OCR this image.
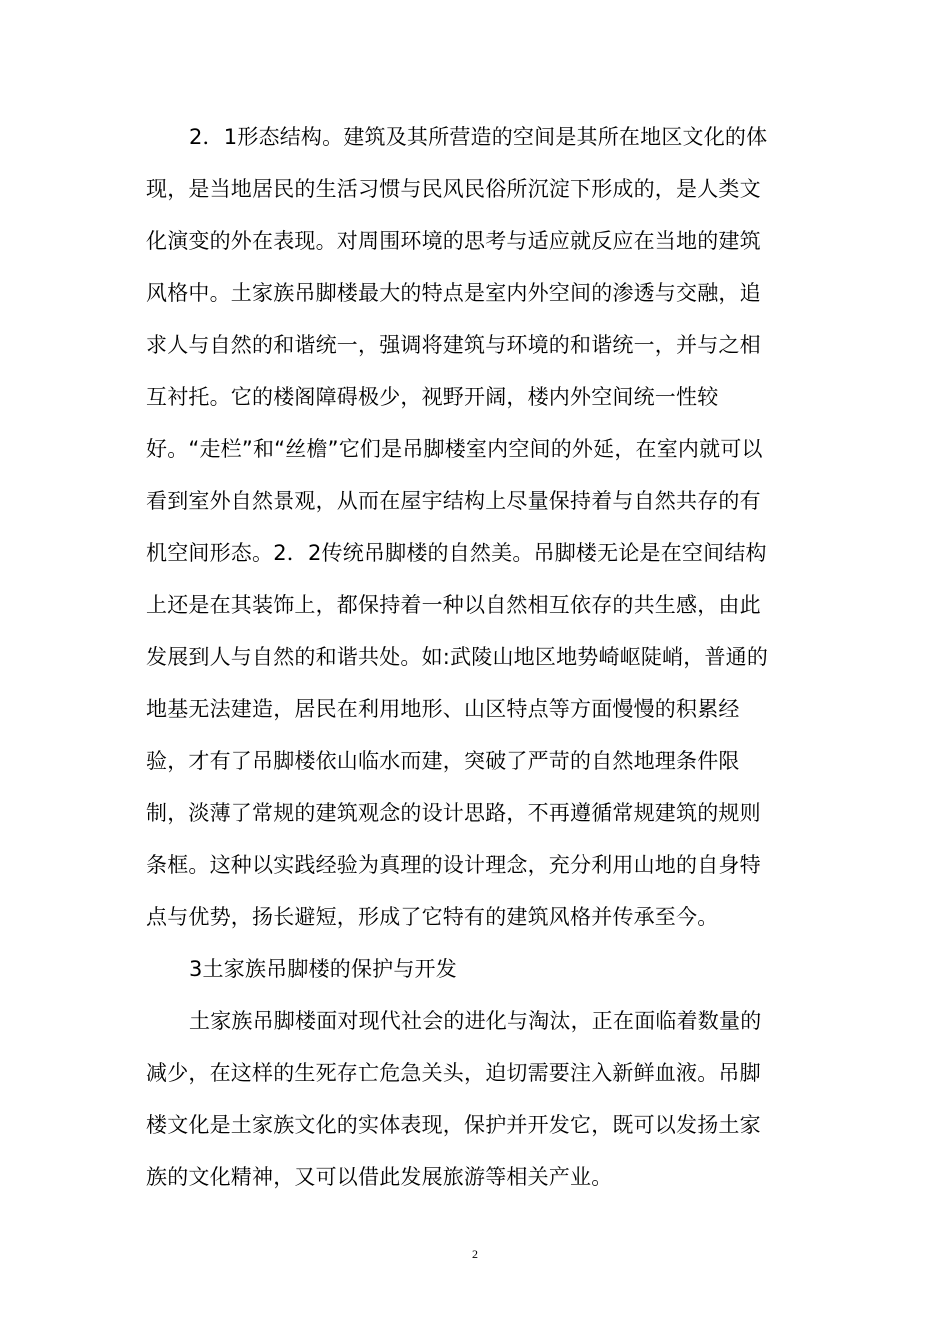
2．1形态结构。建筑及其所营造的空间是其所在地区文化的体
现，是当地居民的生活习惯与民风民俗所沉淀下形成的，是人类文
化演变的外在表现。对周围环境的思考与适应就反应在当地的建筑
风格中。土家族吊脚楼最大的特点是室内外空间的渗透与交融，追
求人与自然的和谐统一，强调将建筑与环境的和谐统一，并与之相
互衬托。它的楼阁障碍极少，视野开阔，楼内外空间统一性较
好。“走栏”和“丝檐”它们是吊脚楼室内空间的外延，在室内就可以
看到室外自然景观，从而在屋宇结构上尽量保持着与自然共存的有
机空间形态。2．2传统吊脚楼的自然美。吊脚楼无论是在空间结构
上还是在其装饰上，都保持着一种以自然相互依存的共生感，由此
发展到人与自然的和谐共处。如:武陵山地区地势崎岖陡峭，普通的
地基无法建造，居民在利用地形、山区特点等方面慢慢的积累经
验，才有了吊脚楼依山临水而建，突破了严苛的自然地理条件限
制，淡薄了常规的建筑观念的设计思路，不再遵循常规建筑的规则
条框。这种以实践经验为真理的设计理念，充分利用山地的自身特
点与优势，扬长避短，形成了它特有的建筑风格并传承至今。
3土家族吊脚楼的保护与开发
土家族吊脚楼面对现代社会的进化与淘汰，正在面临着数量的
减少，在这样的生死存亡危急关头，迫切需要注入新鲜血液。吊脚
楼文化是土家族文化的实体表现，保护并开发它，既可以发扬土家
族的文化精神，又可以借此发展旅游等相关产业。
2
